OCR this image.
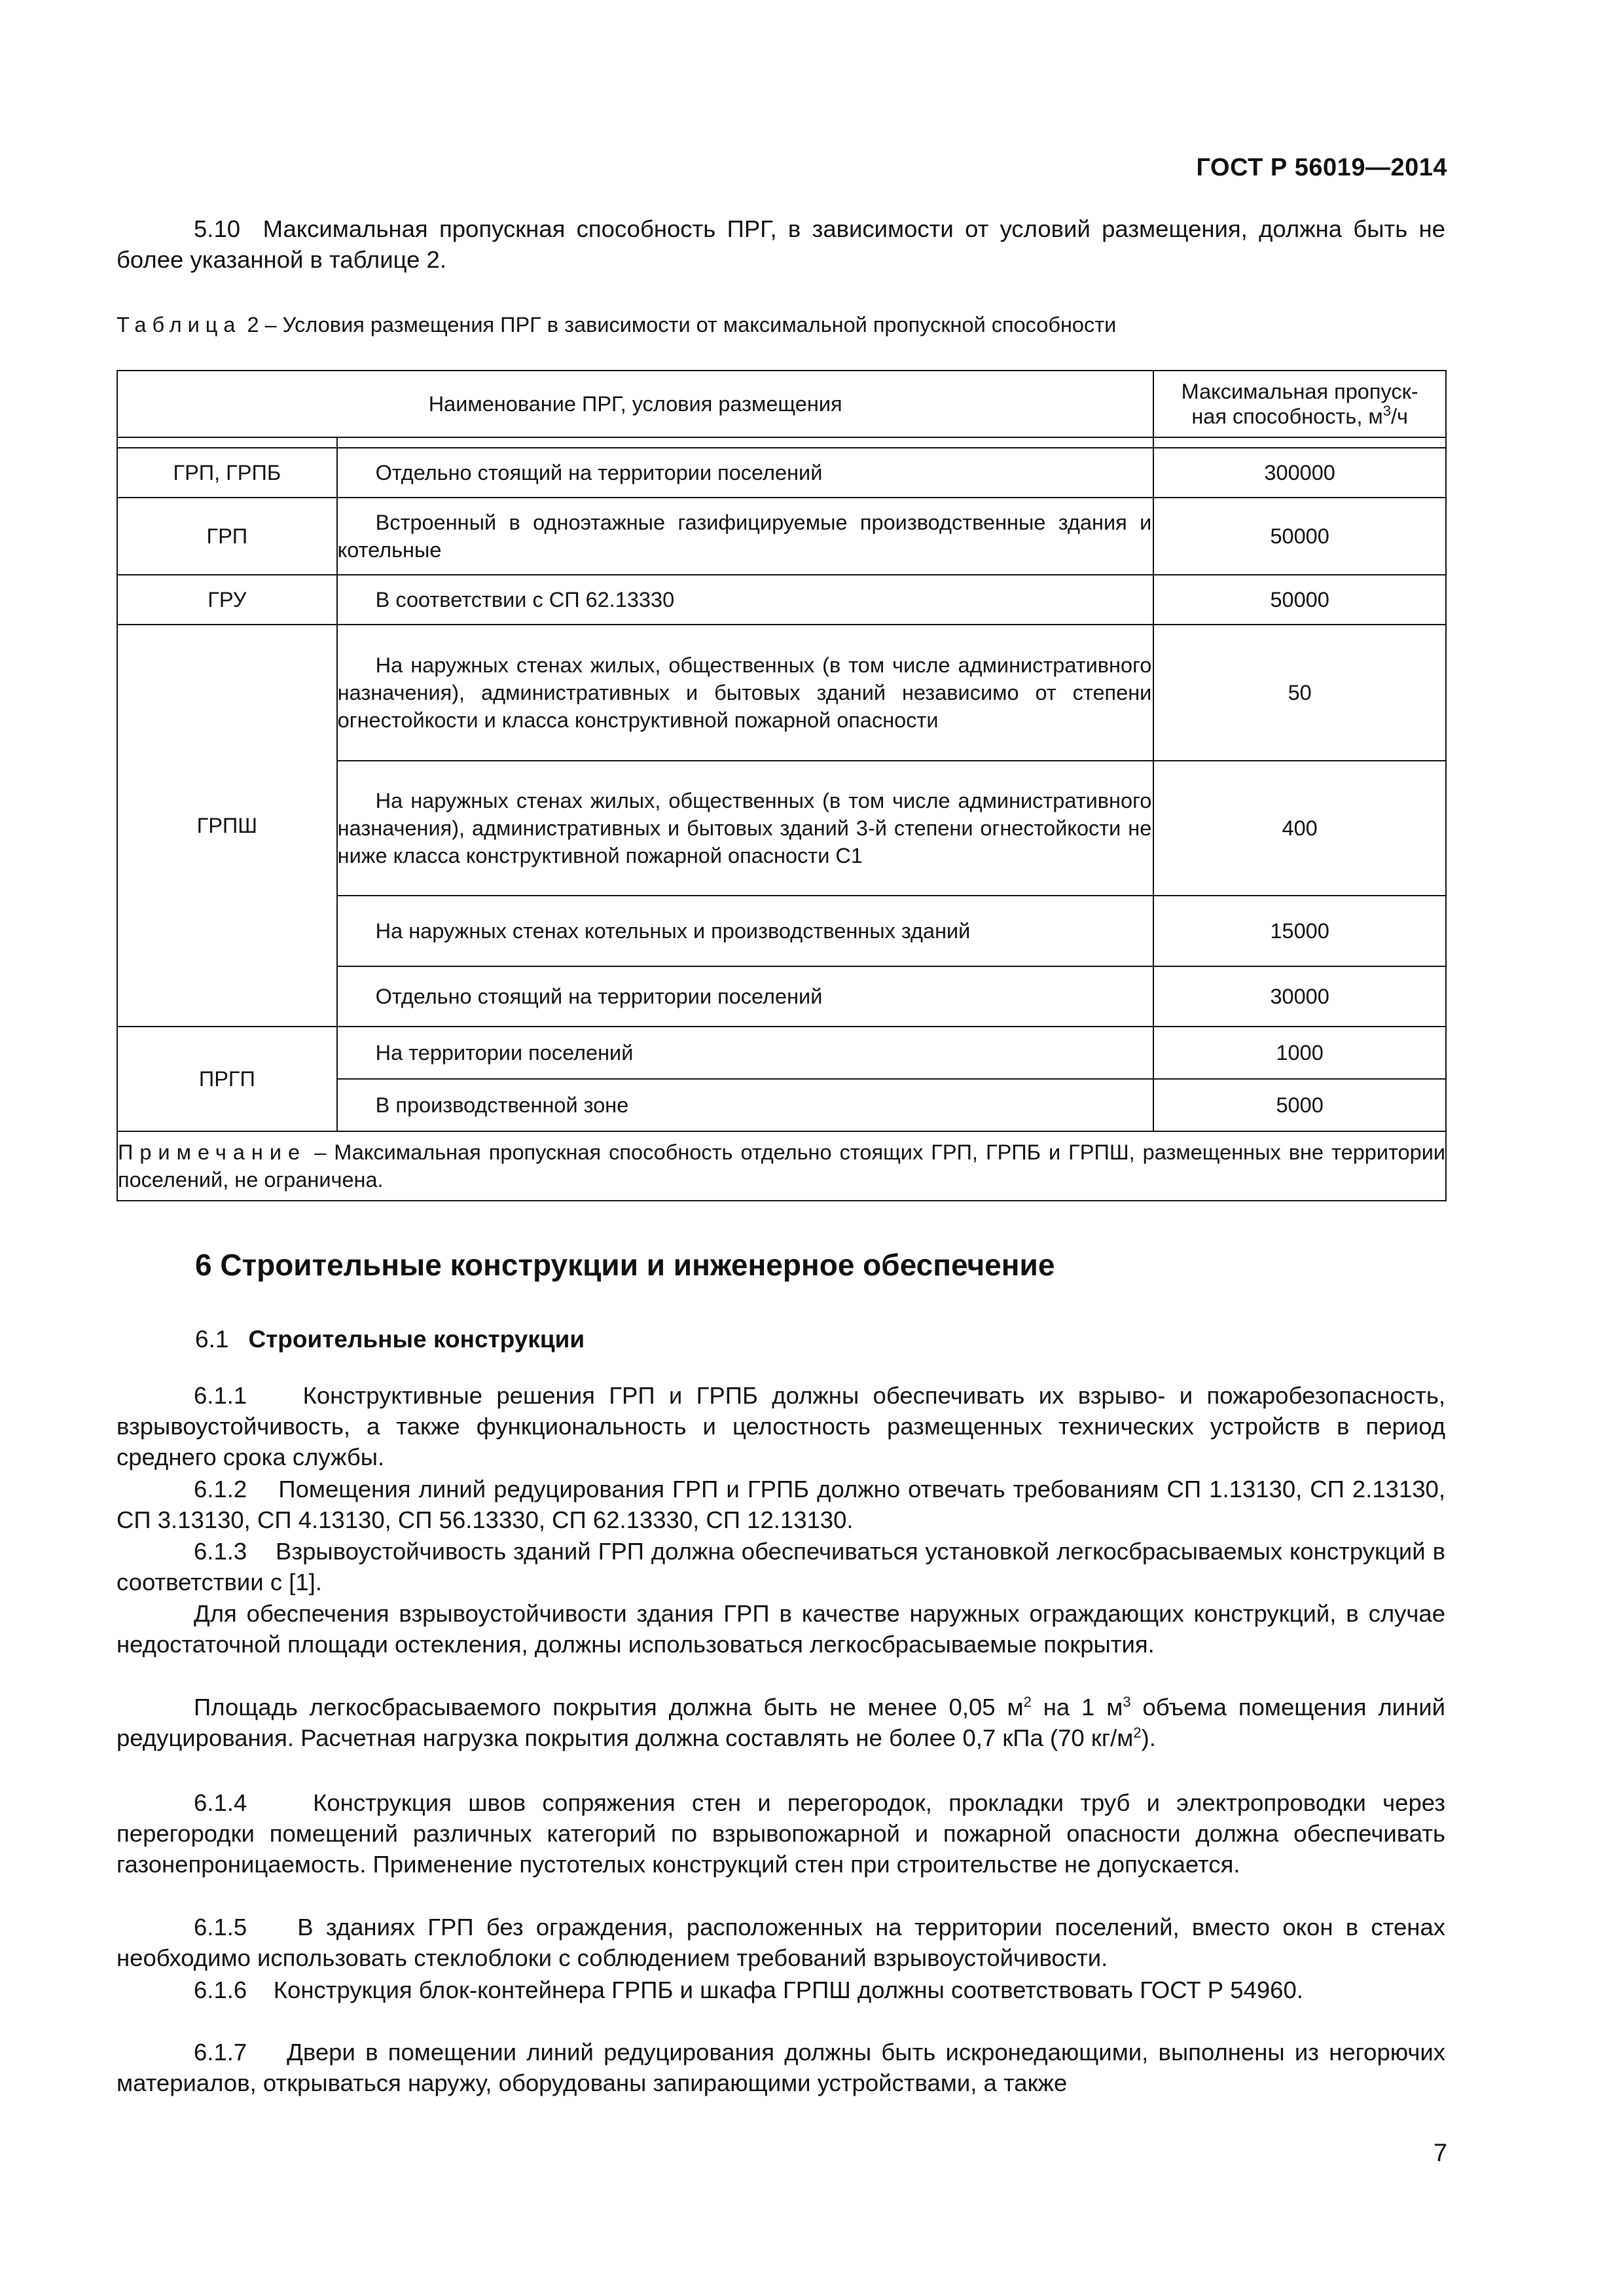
ГОСТ Р 56019—2014
5.10 Максимальная пропускная способность ПРГ, в зависимости от условий размещения, должна быть не более указанной в таблице 2.
Таблица 2 – Условия размещения ПРГ в зависимости от максимальной пропускной способности
Наименование ПРГ, условия размещения		Максимальная пропуск-
ная способность, $м^3/ч$

ГРП, ГРПБ	Отдельно стоящий на территории поселений	300000
ГРП	Встроенный в одноэтажные газифицируемые производственные здания и котельные	50000
ГРУ	В соответствии с СП 62.13330	50000
ГРПШ	На наружных стенах жилых, общественных (в том числе административного назначения), административных и бытовых зданий независимо от степени огнестойкости и класса конструктивной пожарной опасности	50
	На наружных стенах жилых, общественных (в том числе административного назначения), административных и бытовых зданий 3-й степени огнестойкости не ниже класса конструктивной пожарной опасности С1	400
	На наружных стенах котельных и производственных зданий	15000
	Отдельно стоящий на территории поселений	30000
ПРГП	На территории поселений	1000
	В производственной зоне	5000
Примечание – Максимальная пропускная способность отдельно стоящих ГРП, ГРПБ и ГРПШ, размещенных вне территории поселений, не ограничена.		
6 Строительные конструкции и инженерное обеспечение
6.1 Строительные конструкции
6.1.1 Конструктивные решения ГРП и ГРПБ должны обеспечивать их взрыво- и пожаробезопасность, взрывоустойчивость, а также функциональность и целостность размещенных технических устройств в период среднего срока службы.
6.1.2 Помещения линий редуцирования ГРП и ГРПБ должно отвечать требованиям СП 1.13130, СП 2.13130, СП 3.13130, СП 4.13130, СП 56.13330, СП 62.13330, СП 12.13130.
6.1.3 Взрывоустойчивость зданий ГРП должна обеспечиваться установкой легкосбрасываемых конструкций в соответствии с [1].
Для обеспечения взрывоустойчивости здания ГРП в качестве наружных ограждающих конструкций, в случае недостаточной площади остекления, должны использоваться легкосбрасываемые покрытия.
Площадь легкосбрасываемого покрытия должна быть не менее 0,05 $м^2$ на 1 $м^3$ объема помещения линий редуцирования. Расчетная нагрузка покрытия должна составлять не более 0,7 кПа (70 $кг/м^2$).
6.1.4	Конструкция швов сопряжения стен и перегородок, прокладки труб и электропроводки через перегородки помещений различных категорий по взрывопожарной и пожарной опасности должна обеспечивать газонепроницаемость. Применение пустотелых конструкций стен при строительстве не допускается.
6.1.5 В зданиях ГРП без ограждения, расположенных на территории поселений, вместо окон в стенах необходимо использовать стеклоблоки с соблюдением требований взрывоустойчивости.
6.1.6 Конструкция блок-контейнера ГРПБ и шкафа ГРПШ должны соответствовать ГОСТ Р 54960.
6.1.7 Двери в помещении линий редуцирования должны быть искронедающими, выполнены из негорючих материалов, открываться наружу, оборудованы запирающими устройствами, а также
7
